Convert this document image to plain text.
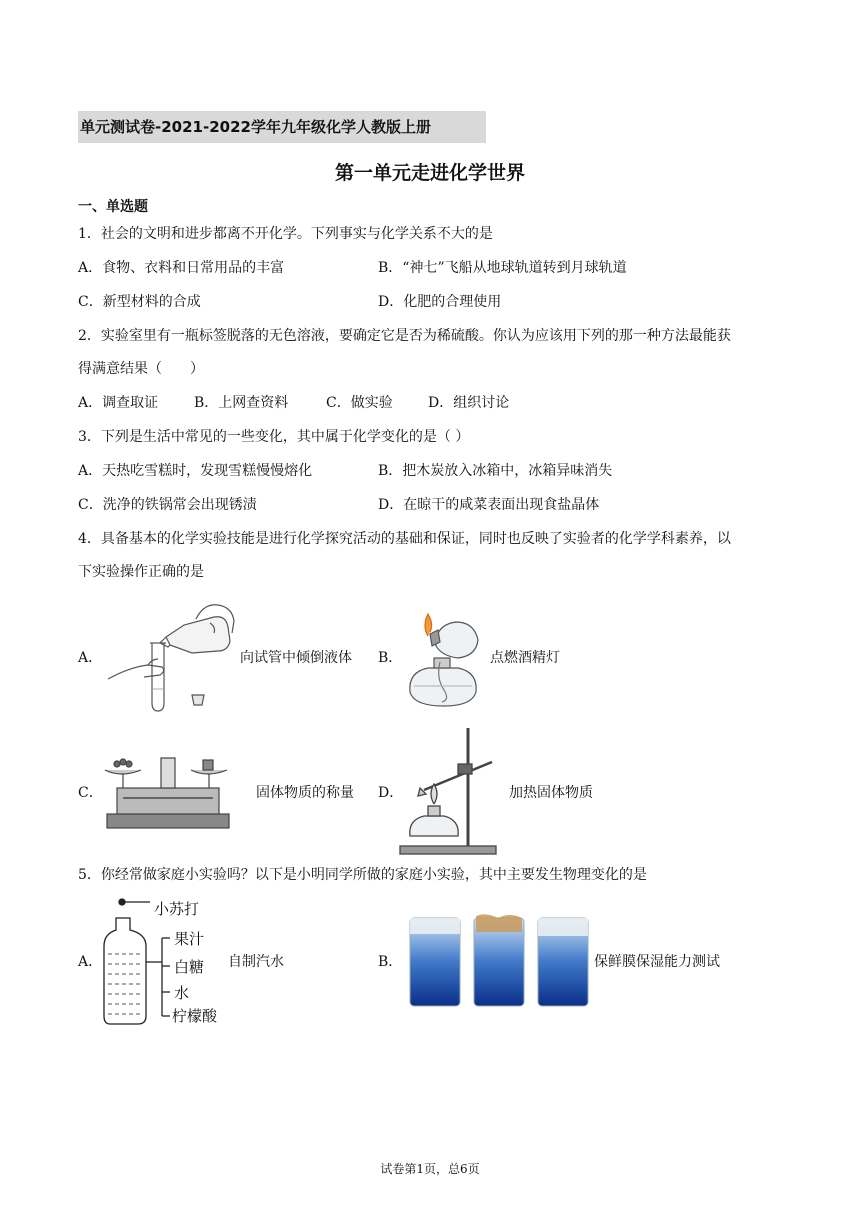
单元测试卷-2021-2022学年九年级化学人教版上册
第一单元走进化学世界
一、单选题
1．社会的文明和进步都离不开化学。下列事实与化学关系不大的是
A．食物、衣料和日常用品的丰富	B．“神七”飞船从地球轨道转到月球轨道
C．新型材料的合成	D．化肥的合理使用
2．实验室里有一瓶标签脱落的无色溶液，要确定它是否为稀硫酸。你认为应该用下列的那一种方法最能获
得满意结果（　　）
A．调查取证	B．上网查资料	C．做实验	D．组织讨论
3．下列是生活中常见的一些变化，其中属于化学变化的是（ ）
A．天热吃雪糕时，发现雪糕慢慢熔化	B．把木炭放入冰箱中，冰箱异味消失
C．洗净的铁锅常会出现锈渍	D．在晾干的咸菜表面出现食盐晶体
4．具备基本的化学实验技能是进行化学探究活动的基础和保证，同时也反映了实验者的化学学科素养，以
下实验操作正确的是
A．	向试管中倾倒液体 B．	点燃酒精灯
C．	固体物质的称量 D．	加热固体物质
5．你经常做家庭小实验吗？以下是小明同学所做的家庭小实验，其中主要发生物理变化的是
A．
小苏打
果汁
白糖
水
柠檬酸
自制汽水	B．	保鲜膜保湿能力测试
试卷第1页，总6页
